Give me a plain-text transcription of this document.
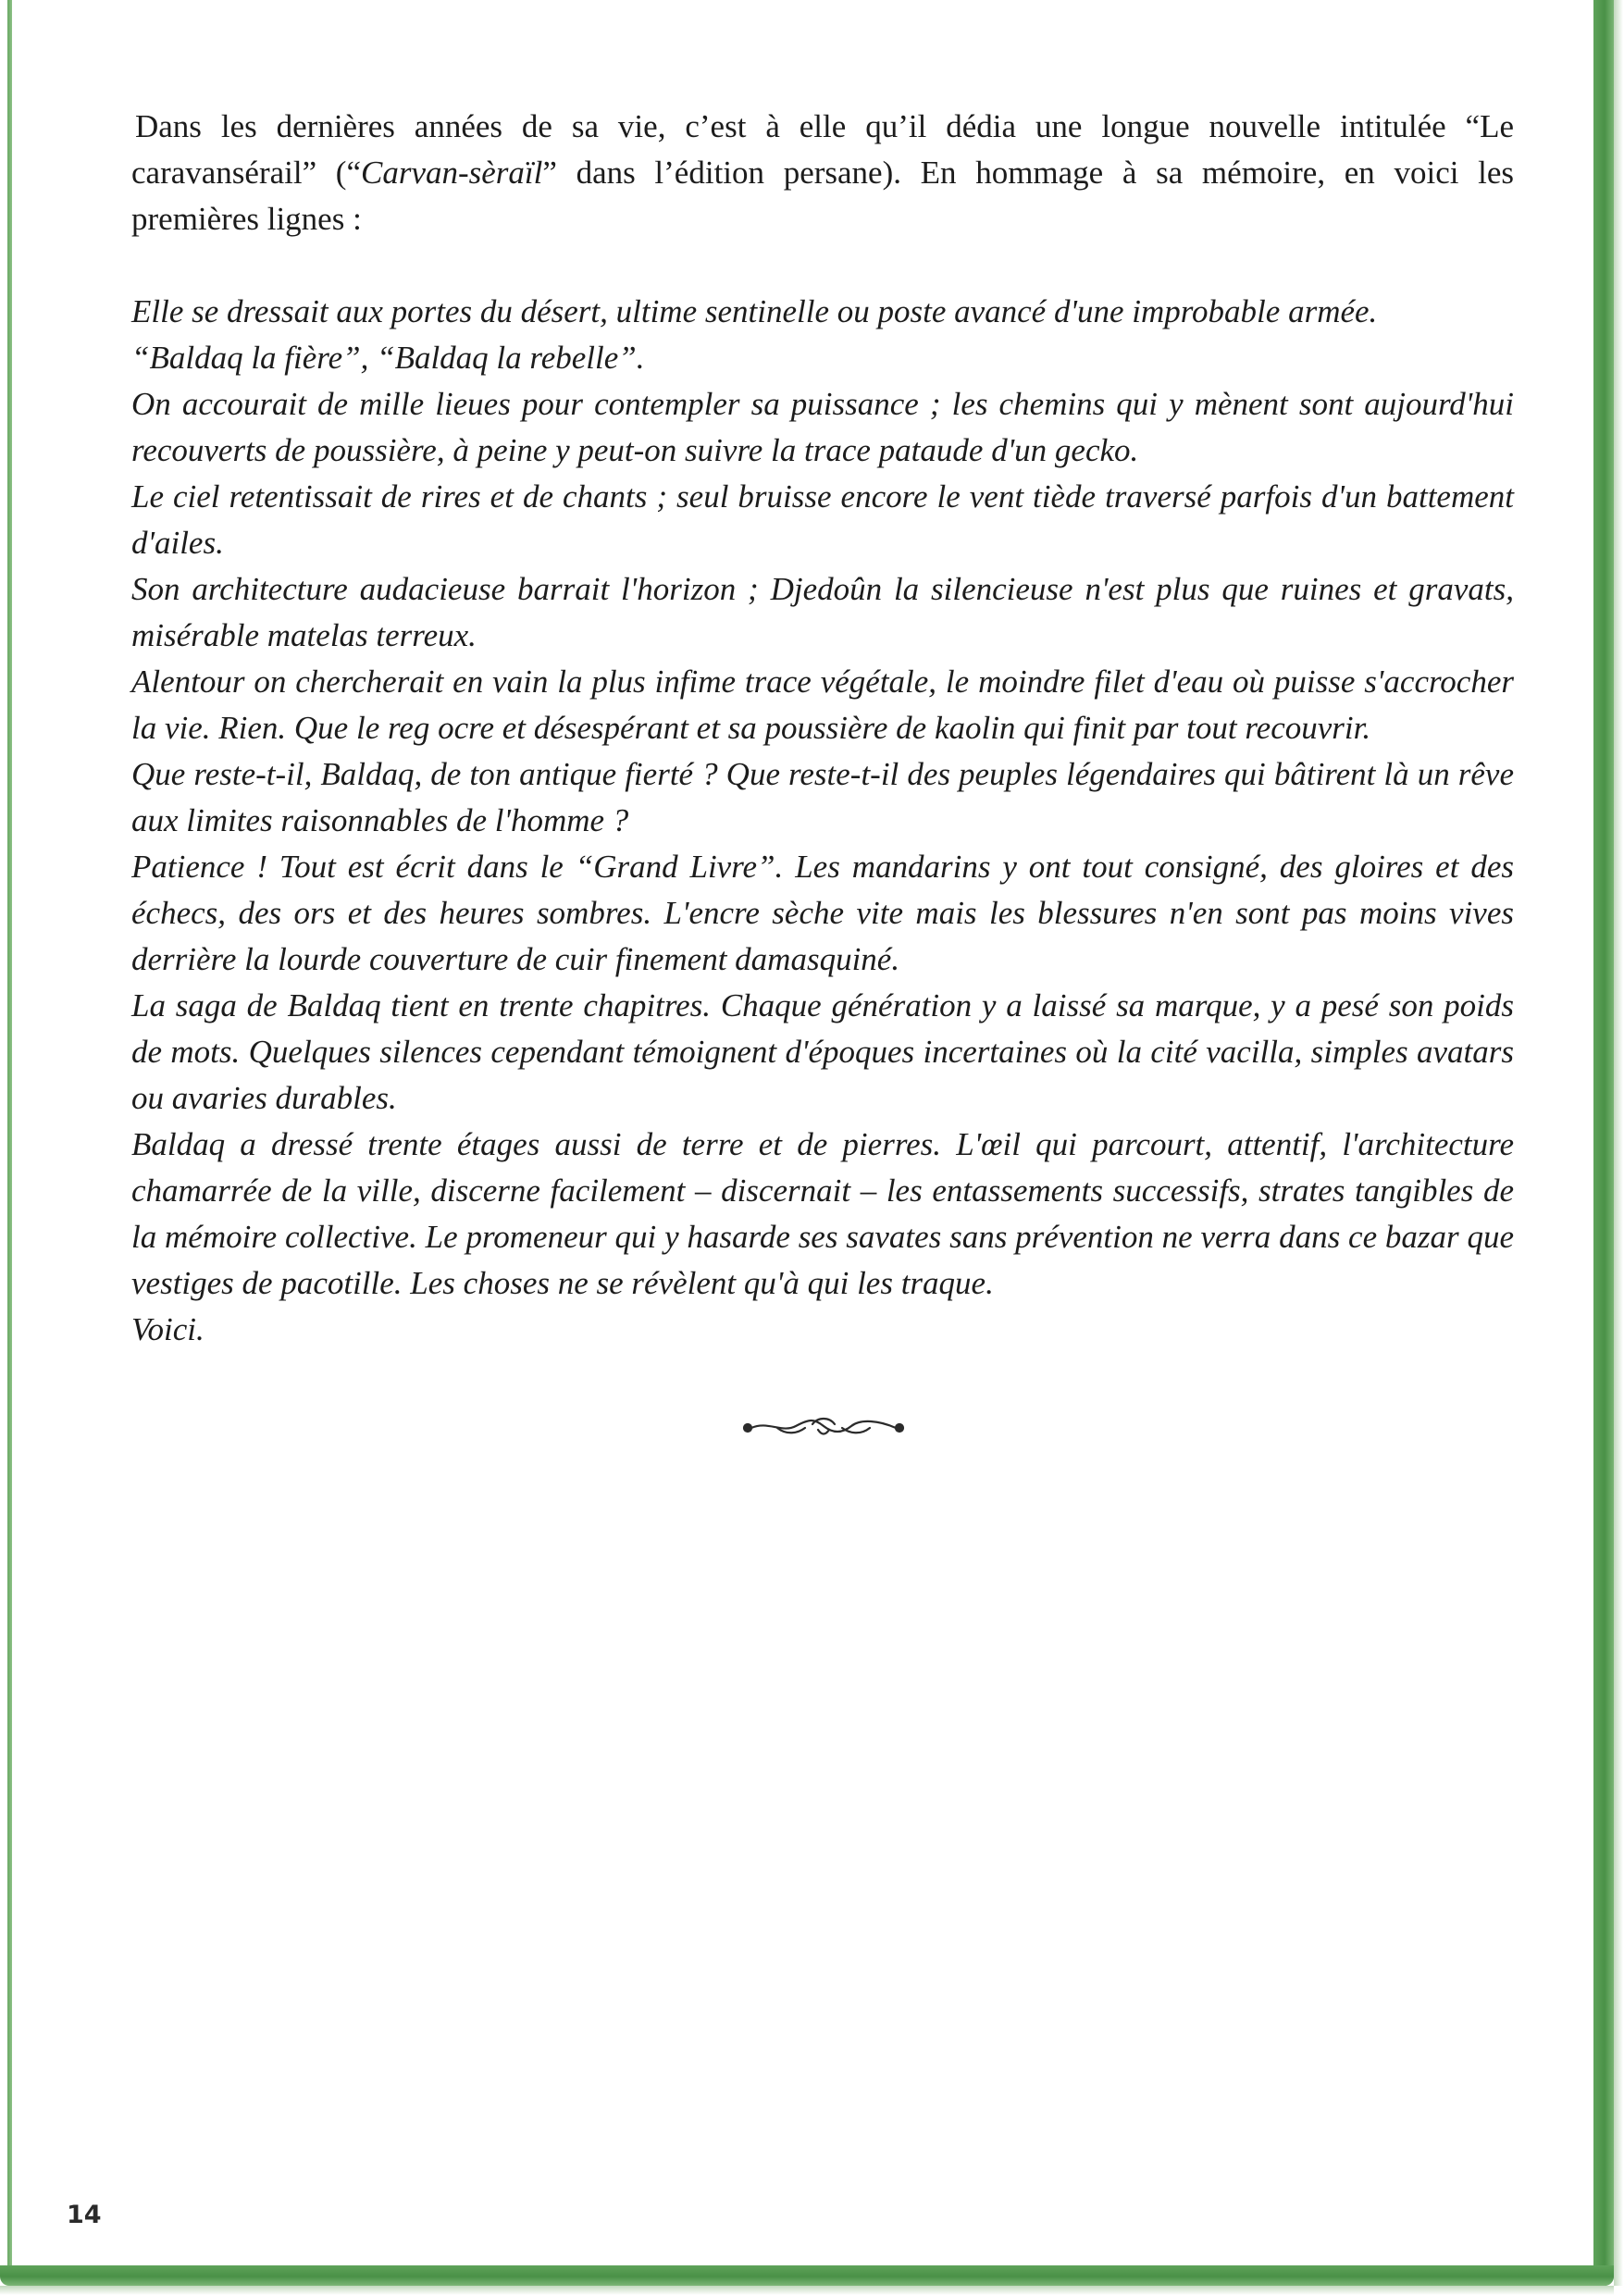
Dans les dernières années de sa vie, c’est à elle qu’il dédia une longue nouvelle intitulée “Le caravansérail” (“Carvan-sèraïl” dans l’édition persane). En hommage à sa mémoire, en voici les premières lignes :

Elle se dressait aux portes du désert, ultime sentinelle ou poste avancé d'une improbable armée.

“Baldaq la fière”, “Baldaq la rebelle”.

On accourait de mille lieues pour contempler sa puissance ; les chemins qui y mènent sont aujourd'hui recouverts de poussière, à peine y peut-on suivre la trace pataude d'un gecko.

Le ciel retentissait de rires et de chants ; seul bruisse encore le vent tiède traversé parfois d'un battement d'ailes.

Son architecture audacieuse barrait l'horizon ; Djedoûn la silencieuse n'est plus que ruines et gravats, misérable matelas terreux.

Alentour on chercherait en vain la plus infime trace végétale, le moindre filet d'eau où puisse s'accrocher la vie. Rien. Que le reg ocre et désespérant et sa poussière de kaolin qui finit par tout recouvrir.

Que reste-t-il, Baldaq, de ton antique fierté ? Que reste-t-il des peuples légendaires qui bâtirent là un rêve aux limites raisonnables de l'homme ?

Patience ! Tout est écrit dans le “Grand Livre”. Les mandarins y ont tout consigné, des gloires et des échecs, des ors et des heures sombres. L'encre sèche vite mais les blessures n'en sont pas moins vives derrière la lourde couverture de cuir finement damasquiné.

La saga de Baldaq tient en trente chapitres. Chaque génération y a laissé sa marque, y a pesé son poids de mots. Quelques silences cependant témoignent d'époques incertaines où la cité vacilla, simples avatars ou avaries durables.

Baldaq a dressé trente étages aussi de terre et de pierres. L'œil qui parcourt, attentif, l'architecture chamarrée de la ville, discerne facilement – discernait – les entassements successifs, strates tangibles de la mémoire collective. Le promeneur qui y hasarde ses savates sans prévention ne verra dans ce bazar que vestiges de pacotille. Les choses ne se révèlent qu'à qui les traque.

Voici.

14
